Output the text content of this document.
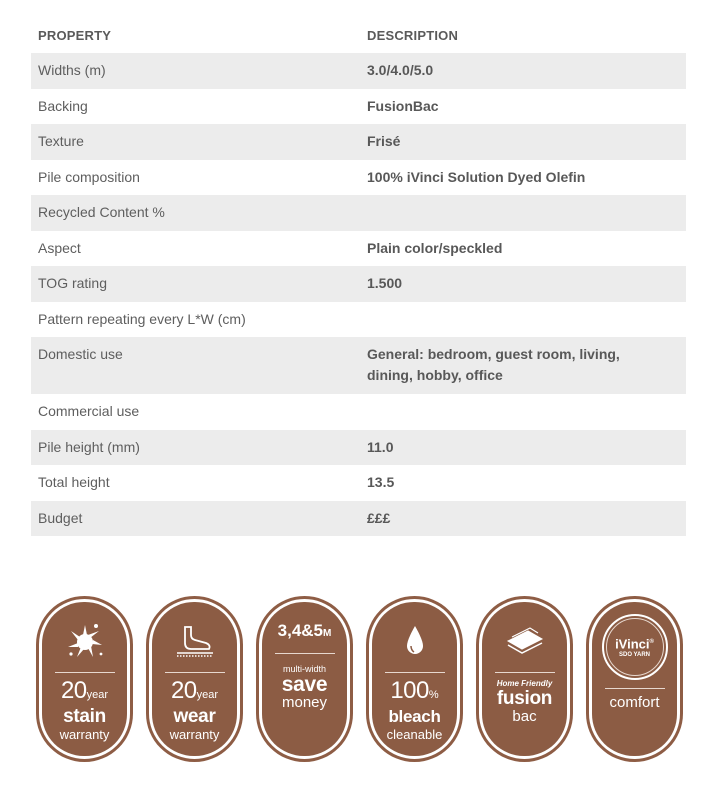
PROPERTY	DESCRIPTION
Widths (m)	3.0/4.0/5.0
Backing	FusionBac
Texture	Frisé
Pile composition	100% iVinci Solution Dyed Olefin
Recycled Content %
Aspect	Plain color/speckled
TOG rating	1.500
Pattern repeating every L*W (cm)
Domestic use	General: bedroom, guest room, living, dining, hobby, office
Commercial use
Pile height (mm)	11.0
Total height	13.5
Budget	£££
20year
stain
warranty
20year
wear
warranty
3,4&5M
multi-width
save
money	100%
bleach
cleanable
Home Friendly
fusion
bac
iVinci®
SDO YARN
comfort
